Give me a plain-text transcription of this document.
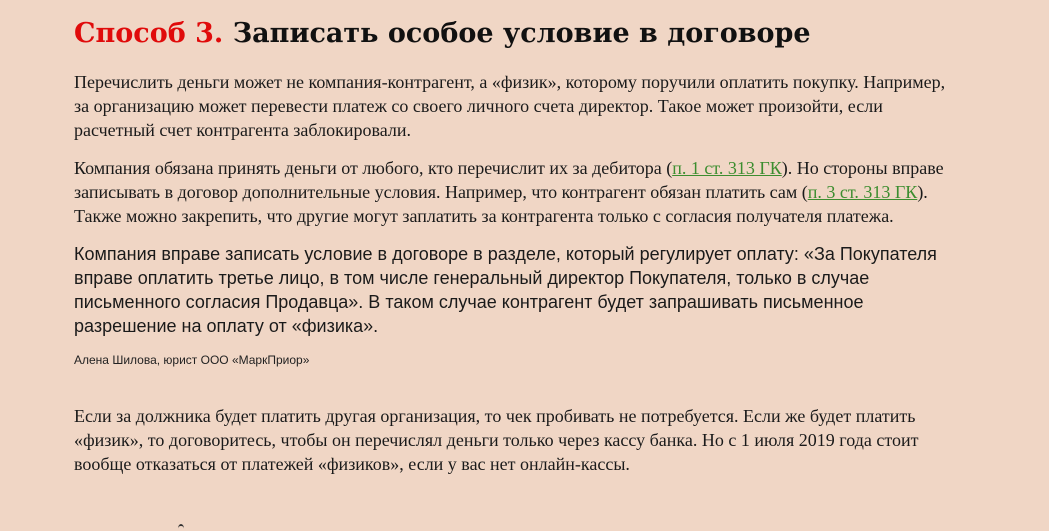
Способ 3. Записать особое условие в договоре

Перечислить деньги может не компания-контрагент, а «физик», которому поручили оплатить покупку. Например, за организацию может перевести платеж со своего личного счета директор. Такое может произойти, если расчетный счет контрагента заблокировали.

Компания обязана принять деньги от любого, кто перечислит их за дебитора (п. 1 ст. 313 ГК). Но стороны вправе записывать в договор дополнительные условия. Например, что контрагент обязан платить сам (п. 3 ст. 313 ГК). Также можно закрепить, что другие могут заплатить за контрагента только с согласия получателя платежа.

Компания вправе записать условие в договоре в разделе, который регулирует оплату: «За Покупателя вправе оплатить третье лицо, в том числе генеральный директор Покупателя, только в случае письменного согласия Продавца». В таком случае контрагент будет запрашивать письменное разрешение на оплату от «физика».

Алена Шилова, юрист ООО «МаркПриор»

Если за должника будет платить другая организация, то чек пробивать не потребуется. Если же будет платить «физик», то договоритесь, чтобы он перечислял деньги только через кассу банка. Но с 1 июля 2019 года стоит вообще отказаться от платежей «физиков», если у вас нет онлайн-кассы.
